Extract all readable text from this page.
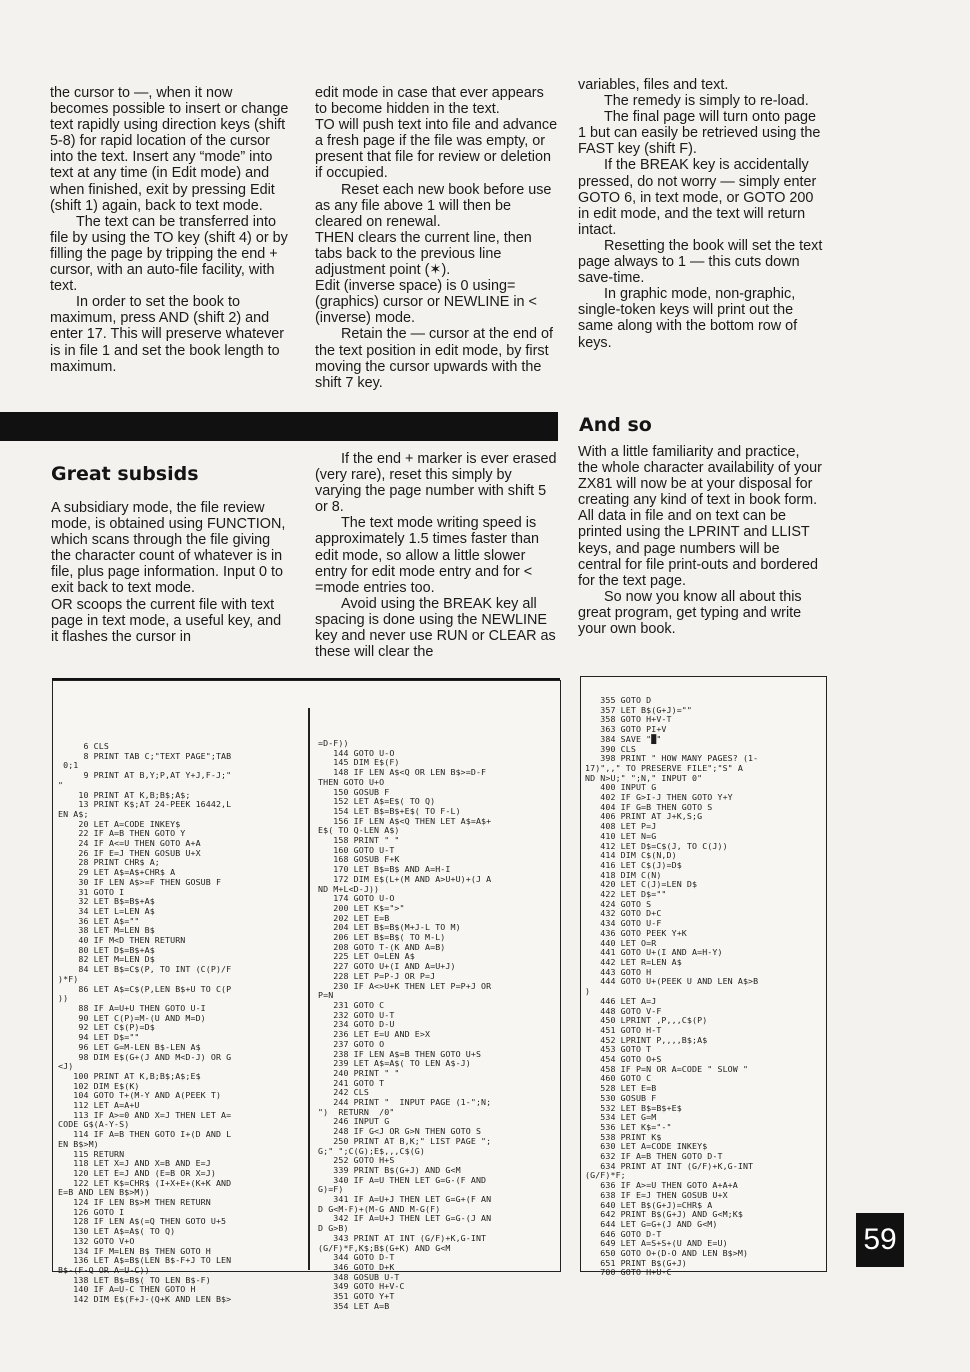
the cursor to —, when it now becomes possible to insert or change text rapidly using direction keys (shift 5-8) for rapid location of the cursor into the text. Insert any “mode” into text at any time (in Edit mode) and when finished, exit by pressing Edit (shift 1) again, back to text mode.

The text can be transferred into file by using the TO key (shift 4) or by filling the page by tripping the end + cursor, with an auto-file facility, with text.

In order to set the book to maximum, press AND (shift 2) and enter 17. This will preserve whatever is in file 1 and set the book length to maximum.

edit mode in case that ever appears to become hidden in the text.

TO will push text into file and advance a fresh page if the file was empty, or present that file for review or deletion if occupied.

Reset each new book before use as any file above 1 will then be cleared on renewal.

THEN clears the current line, then tabs back to the previous line adjustment point (✶).

Edit (inverse space) is 0 using=(graphics) cursor or NEWLINE in < (inverse) mode.

Retain the — cursor at the end of the text position in edit mode, by first moving the cursor upwards with the shift 7 key.

variables, files and text.

The remedy is simply to re-load.

The final page will turn onto page 1 but can easily be retrieved using the FAST key (shift F).

If the BREAK key is accidentally pressed, do not worry — simply enter GOTO 6, in text mode, or GOTO 200 in edit mode, and the text will return intact.

Resetting the book will set the text page always to 1 — this cuts down save-time.

In graphic mode, non-graphic, single-token keys will print out the same along with the bottom row of keys.

And so
Great subsids

A subsidiary mode, the file review mode, is obtained using FUNCTION, which scans through the file giving the character count of whatever is in file, plus page information. Input 0 to exit back to text mode.

OR scoops the current file with text page in text mode, a useful key, and it flashes the cursor in

If the end + marker is ever erased (very rare), reset this simply by varying the page number with shift 5 or 8.

The text mode writing speed is approximately 1.5 times faster than edit mode, so allow a little slower entry for edit mode entry and for < =mode entries too.

Avoid using the BREAK key all spacing is done using the NEWLINE key and never use RUN or CLEAR as these will clear the

With a little familiarity and practice, the whole character availability of your ZX81 will now be at your disposal for creating any kind of text in book form. All data in file and on text can be printed using the LPRINT and LLIST keys, and page numbers will be central for file print-outs and bordered for the text page.

So now you know all about this great program, get typing and write your own book.

6 CLS
8 PRINT TAB C;"TEXT PAGE";TAB
0;1
9 PRINT AT B,Y;P,AT Y+J,F-J;"
"
10 PRINT AT K,B;B$;A$;
13 PRINT K$;AT 24-PEEK 16442,L
EN A$;
20 LET A=CODE INKEY$
22 IF A=B THEN GOTO Y
24 IF A<=U THEN GOTO A+A
26 IF E=J THEN GOSUB U+X
28 PRINT CHR$ A;
29 LET A$=A$+CHR$ A
30 IF LEN A$>=F THEN GOSUB F
31 GOTO I
32 LET B$=B$+A$
34 LET L=LEN A$
36 LET A$=""
38 LET M=LEN B$
40 IF M<D THEN RETURN
80 LET D$=B$+A$
82 LET M=LEN D$
84 LET B$=C$(P, TO INT (C(P)/F
)*F)
86 LET A$=C$(P,LEN B$+U TO C(P
))
88 IF A=U+U THEN GOTO U-I
90 LET C(P)=M-(U AND M=D)
92 LET C$(P)=D$
94 LET D$=""
96 LET G=M-LEN B$-LEN A$
98 DIM E$(G+(J AND M<D-J) OR G
<J)
100 PRINT AT K,B;B$;A$;E$
102 DIM E$(K)
104 GOTO T+(M-Y AND A(PEEK T)
112 LET A=A+U
113 IF A>=0 AND X=J THEN LET A=
CODE G$(A-Y-S)
114 IF A=B THEN GOTO I+(D AND L
EN B$>M)
115 RETURN
118 LET X=J AND X=B AND E=J
120 LET E=J AND (E=B OR X=J)
122 LET K$=CHR$ (I+X+E+(K+K AND
E=B AND LEN B$>M))
124 IF LEN B$>M THEN RETURN
126 GOTO I
128 IF LEN A$(=Q THEN GOTO U+5
130 LET A$=A$( TO Q)
132 GOTO V+O
134 IF M=LEN B$ THEN GOTO H
136 LET A$=B$(LEN B$-F+J TO LEN
B$-(F-Q OR A=U-C))
138 LET B$=B$( TO LEN B$-F)
140 IF A=U-C THEN GOTO H
142 DIM E$(F+J-(Q+K AND LEN B$>
=D-F))
144 GOTO U-O
145 DIM E$(F)
148 IF LEN A$<Q OR LEN B$>=D-F
THEN GOTO U+O
150 GOSUB F
152 LET A$=E$( TO Q)
154 LET B$=B$+E$( TO F-L)
156 IF LEN A$<Q THEN LET A$=A$+
E$( TO Q-LEN A$)
158 PRINT " "
160 GOTO U-T
168 GOSUB F+K
170 LET B$=B$ AND A=H-I
172 DIM E$(L+(M AND A>U+U)+(J A
ND M+L<D-J))
174 GOTO U-O
200 LET K$=">"
202 LET E=B
204 LET B$=B$(M+J-L TO M)
206 LET B$=B$( TO M-L)
208 GOTO T-(K AND A=B)
225 LET O=LEN A$
227 GOTO U+(I AND A=U+J)
228 LET P=P-J OR P=J
230 IF A<>U+K THEN LET P=P+J OR
P=N
231 GOTO C
232 GOTO U-T
234 GOTO D-U
236 LET E=U AND E>X
237 GOTO O
238 IF LEN A$=B THEN GOTO U+S
239 LET A$=A$( TO LEN A$-J)
240 PRINT " "
241 GOTO T
242 CLS
244 PRINT "  INPUT PAGE (1-";N;
")  RETURN  /0"
246 INPUT G
248 IF G<J OR G>N THEN GOTO S
250 PRINT AT B,K;" LIST PAGE ";
G;" ";C(G);E$,,,C$(G)
252 GOTO H+S
339 PRINT B$(G+J) AND G<M
340 IF A=U THEN LET G=G-(F AND
G)=F)
341 IF A=U+J THEN LET G=G+(F AN
D G<M-F)+(M-G AND M-G(F)
342 IF A=U+J THEN LET G=G-(J AN
D G>B)
343 PRINT AT INT (G/F)+K,G-INT
(G/F)*F,K$;B$(G+K) AND G<M
344 GOTO D-T
346 GOTO D+K
348 GOSUB U-T
349 GOTO H+V-C
351 GOTO Y+T
354 LET A=B
355 GOTO D
357 LET B$(G+J)=""
358 GOTO H+V-T
363 GOTO PI+V
384 SAVE "█"
390 CLS
398 PRINT " HOW MANY PAGES? (1-
17)",," TO PRESERVE FILE";"S" A
ND N>U;" ";N," INPUT 0"
400 INPUT G
402 IF G>I-J THEN GOTO Y+Y
404 IF G=B THEN GOTO S
406 PRINT AT J+K,S;G
408 LET P=J
410 LET N=G
412 LET D$=C$(J, TO C(J))
414 DIM C$(N,D)
416 LET C$(J)=D$
418 DIM C(N)
420 LET C(J)=LEN D$
422 LET D$=""
424 GOTO S
432 GOTO D+C
434 GOTO U-F
436 GOTO PEEK Y+K
440 LET O=R
441 GOTO U+(I AND A=H-Y)
442 LET R=LEN A$
443 GOTO H
444 GOTO U+(PEEK U AND LEN A$>B
)
446 LET A=J
448 GOTO V-F
450 LPRINT ,P,,,C$(P)
451 GOTO H-T
452 LPRINT P,,,,B$;A$
453 GOTO T
454 GOTO O+S
458 IF P=N OR A=CODE " SLOW "
460 GOTO C
528 LET E=B
530 GOSUB F
532 LET B$=B$+E$
534 LET G=M
536 LET K$="-"
538 PRINT K$
630 LET A=CODE INKEY$
632 IF A=B THEN GOTO D-T
634 PRINT AT INT (G/F)+K,G-INT
(G/F)*F;
636 IF A>=U THEN GOTO A+A+A
638 IF E=J THEN GOSUB U+X
640 LET B$(G+J)=CHR$ A
642 PRINT B$(G+J) AND G<M;K$
644 LET G=G+(J AND G<M)
646 GOTO D-T
649 LET A=S+S+(U AND E=U)
650 GOTO O+(D-O AND LEN B$>M)
651 PRINT B$(G+J)
700 GOTO H+U-C
59
